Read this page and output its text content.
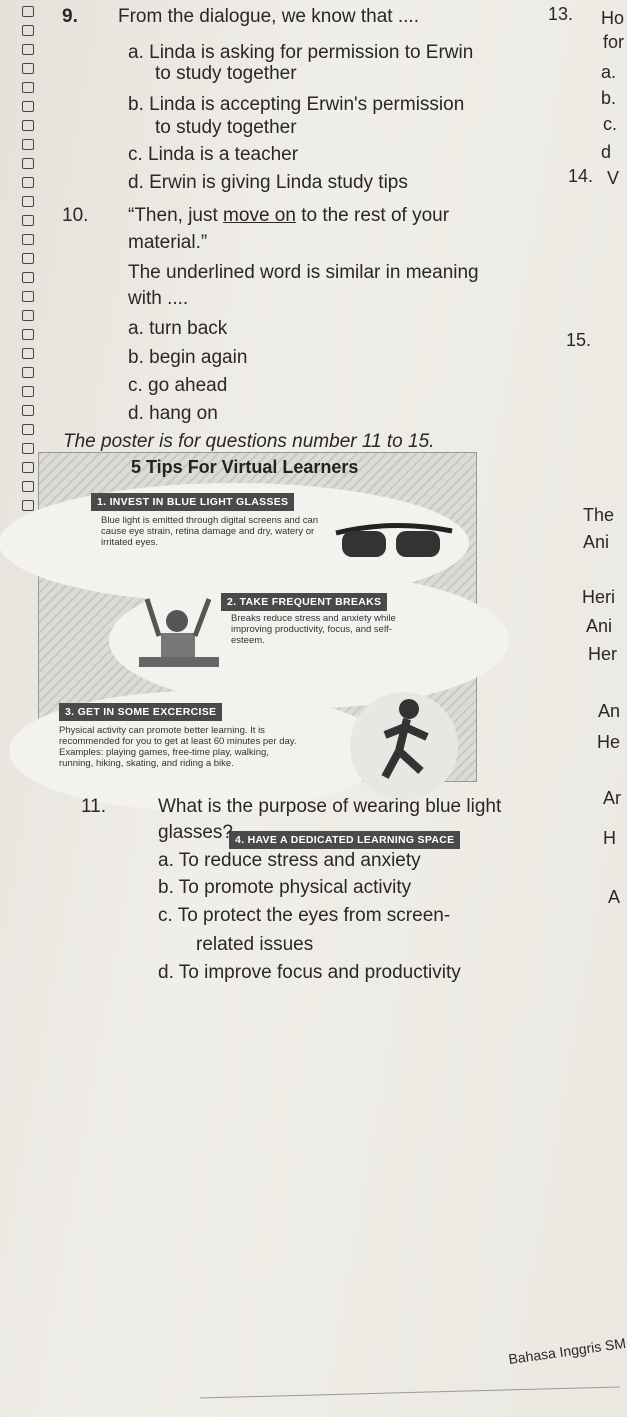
9. From the dialogue, we know that ....
a. Linda is asking for permission to Erwin
to study together
b. Linda is accepting Erwin's permission
to study together
c. Linda is a teacher
d. Erwin is giving Linda study tips
10. “Then, just move on to the rest of your
material.”
The underlined word is similar in meaning
with ....
a. turn back
b. begin again
c. go ahead
d. hang on
The poster is for questions number 11 to 15.
5 Tips For Virtual Learners
1. INVEST IN BLUE LIGHT GLASSES
Blue light is emitted through digital screens and can cause eye strain, retina damage and dry, watery or irritated eyes.
2. TAKE FREQUENT BREAKS
Breaks reduce stress and anxiety while improving productivity, focus, and self-esteem.
3. GET IN SOME EXCERCISE
Physical activity can promote better learning. It is recommended for you to get at least 60 minutes per day. Examples: playing games, free-time play, walking, running, hiking, skating, and riding a bike.
4. HAVE A DEDICATED LEARNING SPACE
11.	What is the purpose of wearing blue light
glasses?
a. To reduce stress and anxiety
b. To promote physical activity
c. To protect the eyes from screen-
related issues
d. To improve focus and productivity
13. Ho
for
a.
b.
c.
d
14. V
15.
The
Ani
Heri
Ani
Her
An
He
Ar
H
A
Bahasa Inggris SM
